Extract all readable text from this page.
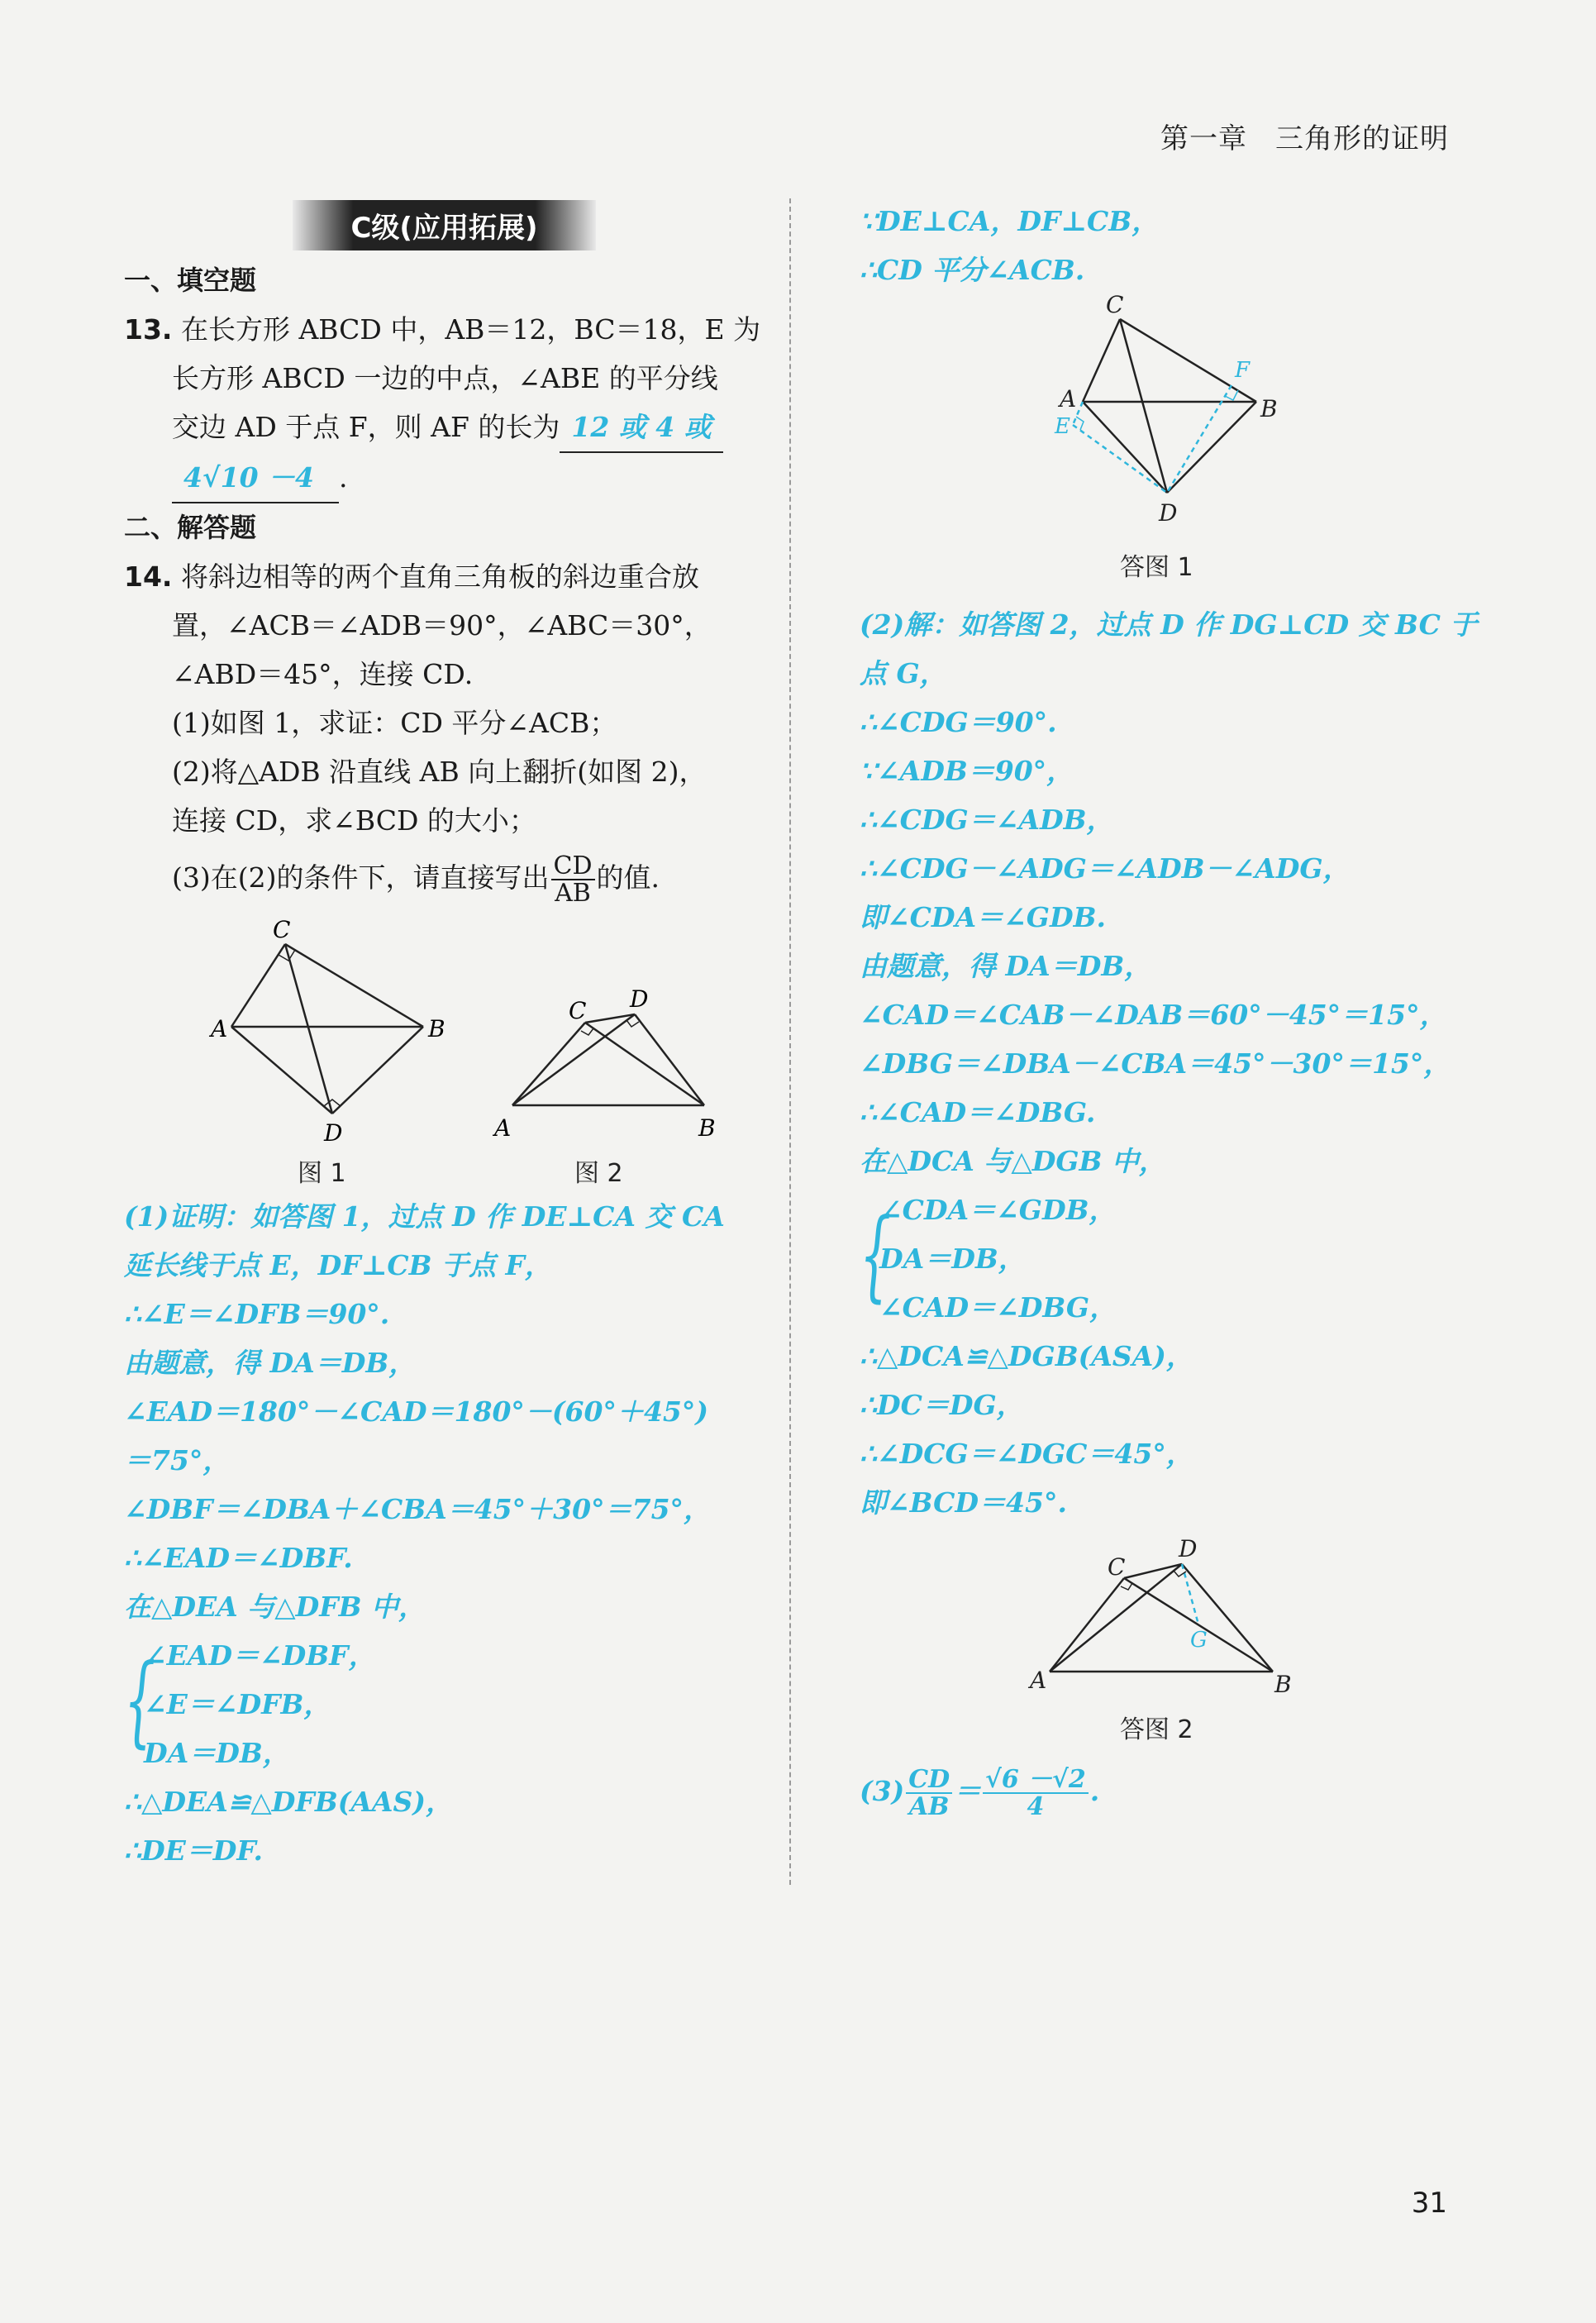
第一章 三角形的证明
C级(应用拓展)
一、填空题
13. 在长方形 ABCD 中，AB＝12，BC＝18，E 为
长方形 ABCD 一边的中点，∠ABE 的平分线
交边 AD 于点 F，则 AF 的长为 12 或 4 或
4√10 －4 .
二、解答题
14. 将斜边相等的两个直角三角板的斜边重合放
置，∠ACB＝∠ADB＝90°，∠ABC＝30°，
∠ABD＝45°，连接 CD.
(1)如图 1，求证：CD 平分∠ACB；
(2)将△ADB 沿直线 AB 向上翻折(如图 2)，
连接 CD，求∠BCD 的大小；
(3)在(2)的条件下，请直接写出 $\frac{CD}{AB}$ 的值.
C
A	B
D
C D
A	B
图 1	图 2
(1)证明：如答图 1，过点 D 作 DE⊥CA 交 CA
延长线于点 E，DF⊥CB 于点 F，
∴∠E＝∠DFB＝90°.
由题意，得 DA＝DB，
∠EAD＝180°－∠CAD＝180°－(60°＋45°)
＝75°，
∠DBF＝∠DBA＋∠CBA＝45°＋30°＝75°，
∴∠EAD＝∠DBF.
在△DEA 与△DFB 中，
{
∠EAD＝∠DBF，
∠E＝∠DFB，
DA＝DB，
∴△DEA≌△DFB(AAS)，
∴DE＝DF.
∵DE⊥CA，DF⊥CB，
∴CD 平分∠ACB.
C
A	B
D
E
F
答图 1
(2)解：如答图 2，过点 D 作 DG⊥CD 交 BC 于
点 G，
∴∠CDG＝90°.
∵∠ADB＝90°，
∴∠CDG＝∠ADB，
∴∠CDG－∠ADG＝∠ADB－∠ADG，
即∠CDA＝∠GDB.
由题意，得 DA＝DB，
∠CAD＝∠CAB－∠DAB＝60°－45°＝15°，
∠DBG＝∠DBA－∠CBA＝45°－30°＝15°，
∴∠CAD＝∠DBG.
在△DCA 与△DGB 中，
{
∠CDA＝∠GDB，
DA＝DB，
∠CAD＝∠DBG，
∴△DCA≌△DGB(ASA)，
∴DC＝DG，
∴∠DCG＝∠DGC＝45°，
即∠BCD＝45°.
C
D
A	B
G
答图 2
$(3) \frac{CD}{AB} = \frac{√6 -√2}{4}$ .
31
